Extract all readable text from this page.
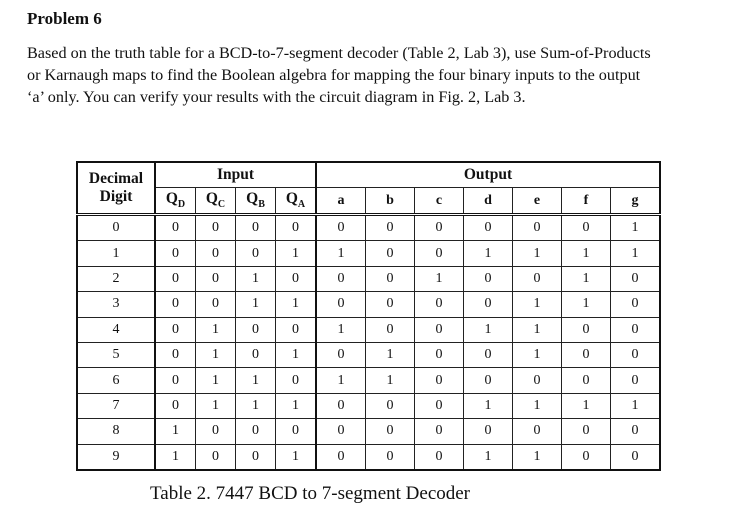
Problem 6
Based on the truth table for a BCD-to-7-segment decoder (Table 2, Lab 3), use Sum-of-Products
or Karnaugh maps to find the Boolean algebra for mapping the four binary inputs to the output
‘a’ only. You can verify your results with the circuit diagram in Fig. 2, Lab 3.
Decimal
Digit	Input				Output						
	$Q_D$	$Q_C$	$Q_B$	$Q_A$	a	b	c	d	e	f	g
0	0	0	0	0	0	0	0	0	0	0	1
1	0	0	0	1	1	0	0	1	1	1	1
2	0	0	1	0	0	0	1	0	0	1	0
3	0	0	1	1	0	0	0	0	1	1	0
4	0	1	0	0	1	0	0	1	1	0	0
5	0	1	0	1	0	1	0	0	1	0	0
6	0	1	1	0	1	1	0	0	0	0	0
7	0	1	1	1	0	0	0	1	1	1	1
8	1	0	0	0	0	0	0	0	0	0	0
9	1	0	0	1	0	0	0	1	1	0	0
Table 2. 7447 BCD to 7-segment Decoder
